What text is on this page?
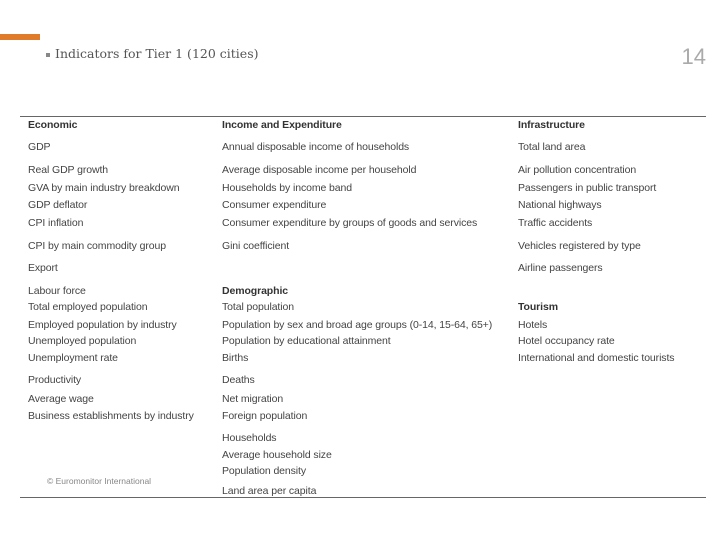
Indicators for Tier 1 (120 cities)	14
Economic
GDP
Real GDP growth
GVA by main industry breakdown
GDP deflator
CPI inflation
CPI by main commodity group
Export
Labour force
Total employed population
Employed population by industry
Unemployed population
Unemployment rate
Productivity
Average wage
Business establishments by industry
Income and Expenditure
Annual disposable income of households
Average disposable income per household
Households by income band
Consumer expenditure
Consumer expenditure by groups of goods and services
Gini coefficient
Demographic
Total population
Population by sex and broad age groups (0-14, 15-64, 65+)
Population by educational attainment
Births
Deaths
Net migration
Foreign population
Households
Average household size
Population density
Land area per capita
Infrastructure
Total land area
Air pollution concentration
Passengers in public transport
National highways
Traffic accidents
Vehicles registered by type
Airline passengers
Tourism
Hotels
Hotel occupancy rate
International and domestic tourists
© Euromonitor International
